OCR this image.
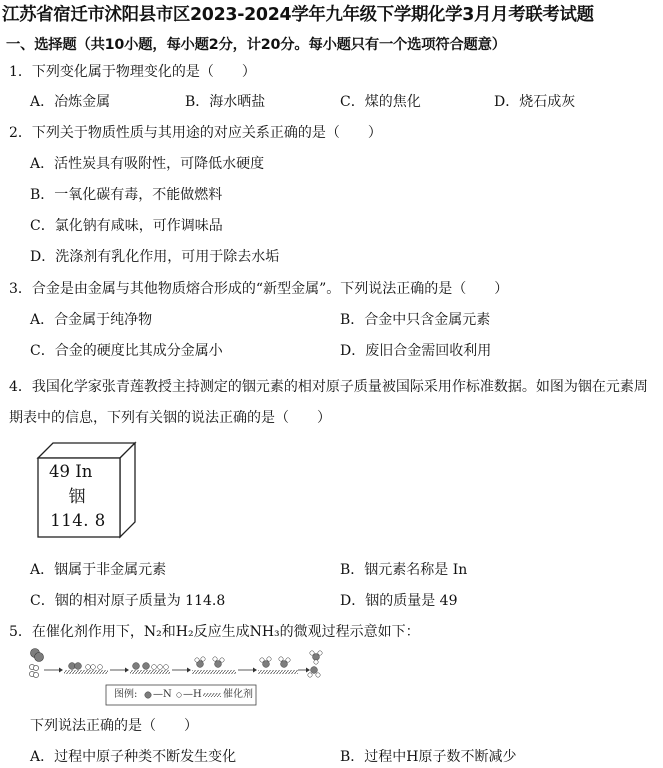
江苏省宿迁市沭阳县市区2023-2024学年九年级下学期化学3月月考联考试题
一、选择题（共10小题，每小题2分，计20分。每小题只有一个选项符合题意）
1．下列变化属于物理变化的是（　　）
A．冶炼金属	B．海水晒盐	C．煤的焦化	D．烧石成灰
2．下列关于物质性质与其用途的对应关系正确的是（　　）
A．活性炭具有吸附性，可降低水硬度
B．一氧化碳有毒，不能做燃料
C．氯化钠有咸味，可作调味品
D．洗涤剂有乳化作用，可用于除去水垢
3．合金是由金属与其他物质熔合形成的“新型金属”。下列说法正确的是（　　）
A．合金属于纯净物	B．合金中只含金属元素
C．合金的硬度比其成分金属小	D．废旧合金需回收利用
4．我国化学家张青莲教授主持测定的铟元素的相对原子质量被国际采用作标准数据。如图为铟在元素周期表中的信息，下列有关铟的说法正确的是（　　）
49 In
铟
114. 8
A．铟属于非金属元素	B．铟元素名称是 In
C．铟的相对原子质量为 114.8	D．铟的质量是 49
5．在催化剂作用下，N₂和H₂反应生成NH₃的微观过程示意如下：
图例: —N —H 催化剂
下列说法正确的是（　　）
A．过程中原子种类不断发生变化	B．过程中H原子数不断减少
